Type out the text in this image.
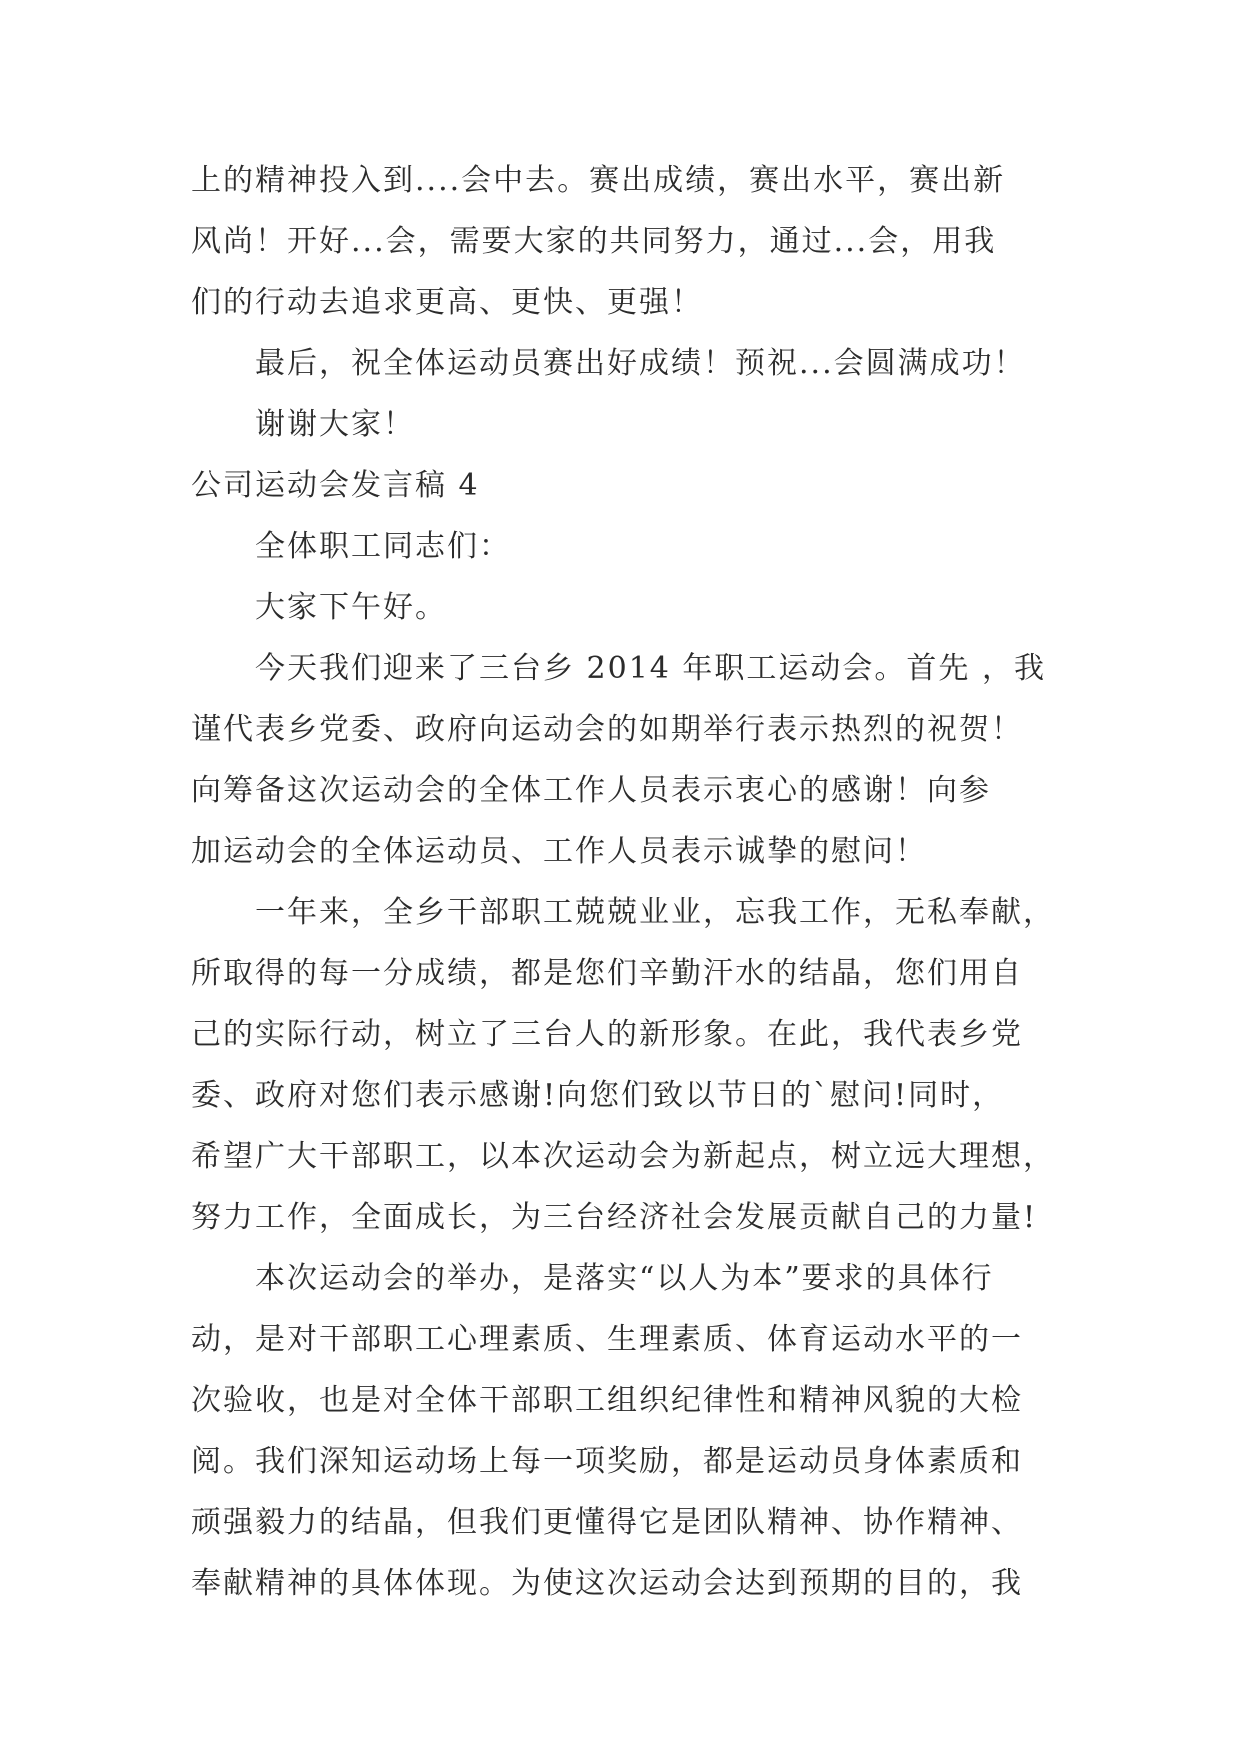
上的精神投入到....会中去。赛出成绩，赛出水平，赛出新
风尚！开好...会，需要大家的共同努力，通过...会，用我
们的行动去追求更高、更快、更强！
最后，祝全体运动员赛出好成绩！预祝...会圆满成功！
谢谢大家！
公司运动会发言稿 4
全体职工同志们：
大家下午好。
今天我们迎来了三台乡 2014 年职工运动会。首先 ，我
谨代表乡党委、政府向运动会的如期举行表示热烈的祝贺！
向筹备这次运动会的全体工作人员表示衷心的感谢！向参
加运动会的全体运动员、工作人员表示诚挚的慰问！
一年来，全乡干部职工兢兢业业，忘我工作，无私奉献，
所取得的每一分成绩，都是您们辛勤汗水的结晶，您们用自
己的实际行动，树立了三台人的新形象。在此，我代表乡党
委、政府对您们表示感谢!向您们致以节日的`慰问!同时，
希望广大干部职工，以本次运动会为新起点，树立远大理想，
努力工作，全面成长，为三台经济社会发展贡献自己的力量!
本次运动会的举办，是落实“以人为本”要求的具体行
动，是对干部职工心理素质、生理素质、体育运动水平的一
次验收，也是对全体干部职工组织纪律性和精神风貌的大检
阅。我们深知运动场上每一项奖励，都是运动员身体素质和
顽强毅力的结晶，但我们更懂得它是团队精神、协作精神、
奉献精神的具体体现。为使这次运动会达到预期的目的，我
